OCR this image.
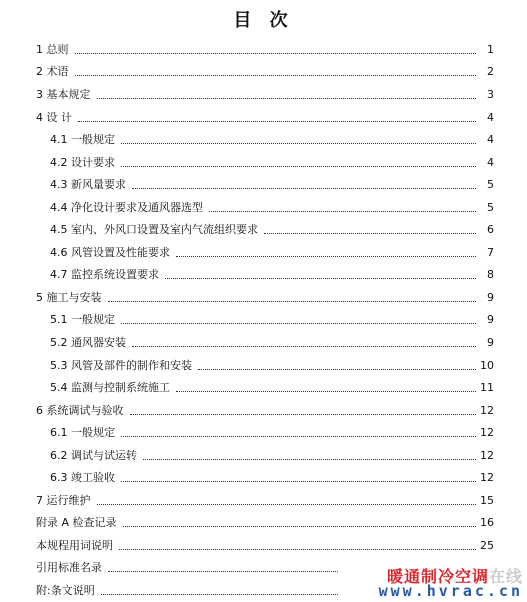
目 次
1 总则	1
2 术语	2
3 基本规定	3
4 设 计	4
4.1 一般规定	4
4.2 设计要求	4
4.3 新风量要求	5
4.4 净化设计要求及通风器选型	5
4.5 室内、外风口设置及室内气流组织要求	6
4.6 风管设置及性能要求	7
4.7 监控系统设置要求	8
5 施工与安装	9
5.1 一般规定	9
5.2 通风器安装	9
5.3 风管及部件的制作和安装	10
5.4 监测与控制系统施工	11
6 系统调试与验收	12
6.1 一般规定	12
6.2 调试与试运转	12
6.3 竣工验收	12
7 运行维护	15
附录 A 检查记录	16
本规程用词说明	25
引用标准名录
附:条文说明
暖通制冷空调在线
www.hvrac.cn
